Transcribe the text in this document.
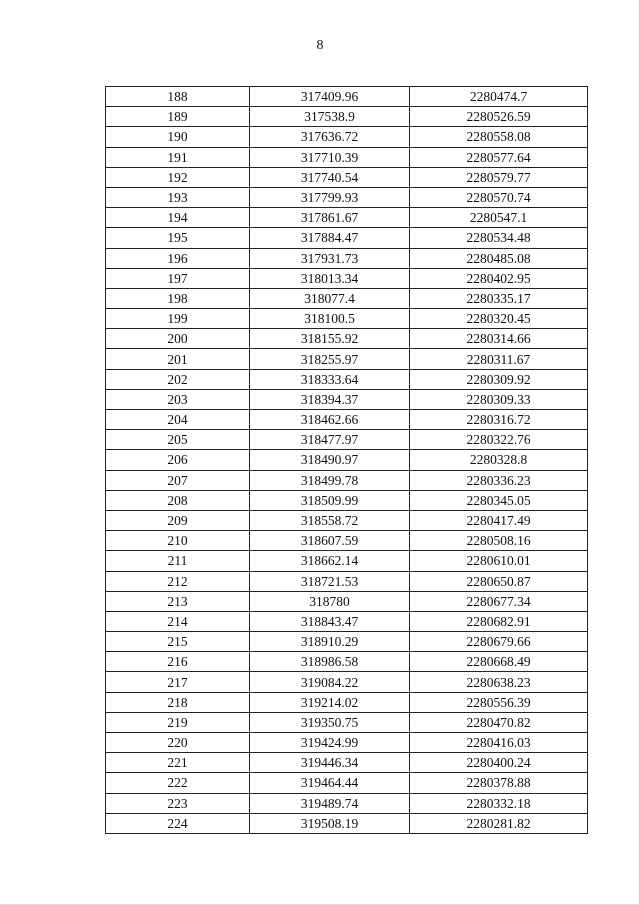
8
188	317409.96	2280474.7
189	317538.9	2280526.59
190	317636.72	2280558.08
191	317710.39	2280577.64
192	317740.54	2280579.77
193	317799.93	2280570.74
194	317861.67	2280547.1
195	317884.47	2280534.48
196	317931.73	2280485.08
197	318013.34	2280402.95
198	318077.4	2280335.17
199	318100.5	2280320.45
200	318155.92	2280314.66
201	318255.97	2280311.67
202	318333.64	2280309.92
203	318394.37	2280309.33
204	318462.66	2280316.72
205	318477.97	2280322.76
206	318490.97	2280328.8
207	318499.78	2280336.23
208	318509.99	2280345.05
209	318558.72	2280417.49
210	318607.59	2280508.16
211	318662.14	2280610.01
212	318721.53	2280650.87
213	318780	2280677.34
214	318843.47	2280682.91
215	318910.29	2280679.66
216	318986.58	2280668.49
217	319084.22	2280638.23
218	319214.02	2280556.39
219	319350.75	2280470.82
220	319424.99	2280416.03
221	319446.34	2280400.24
222	319464.44	2280378.88
223	319489.74	2280332.18
224	319508.19	2280281.82
